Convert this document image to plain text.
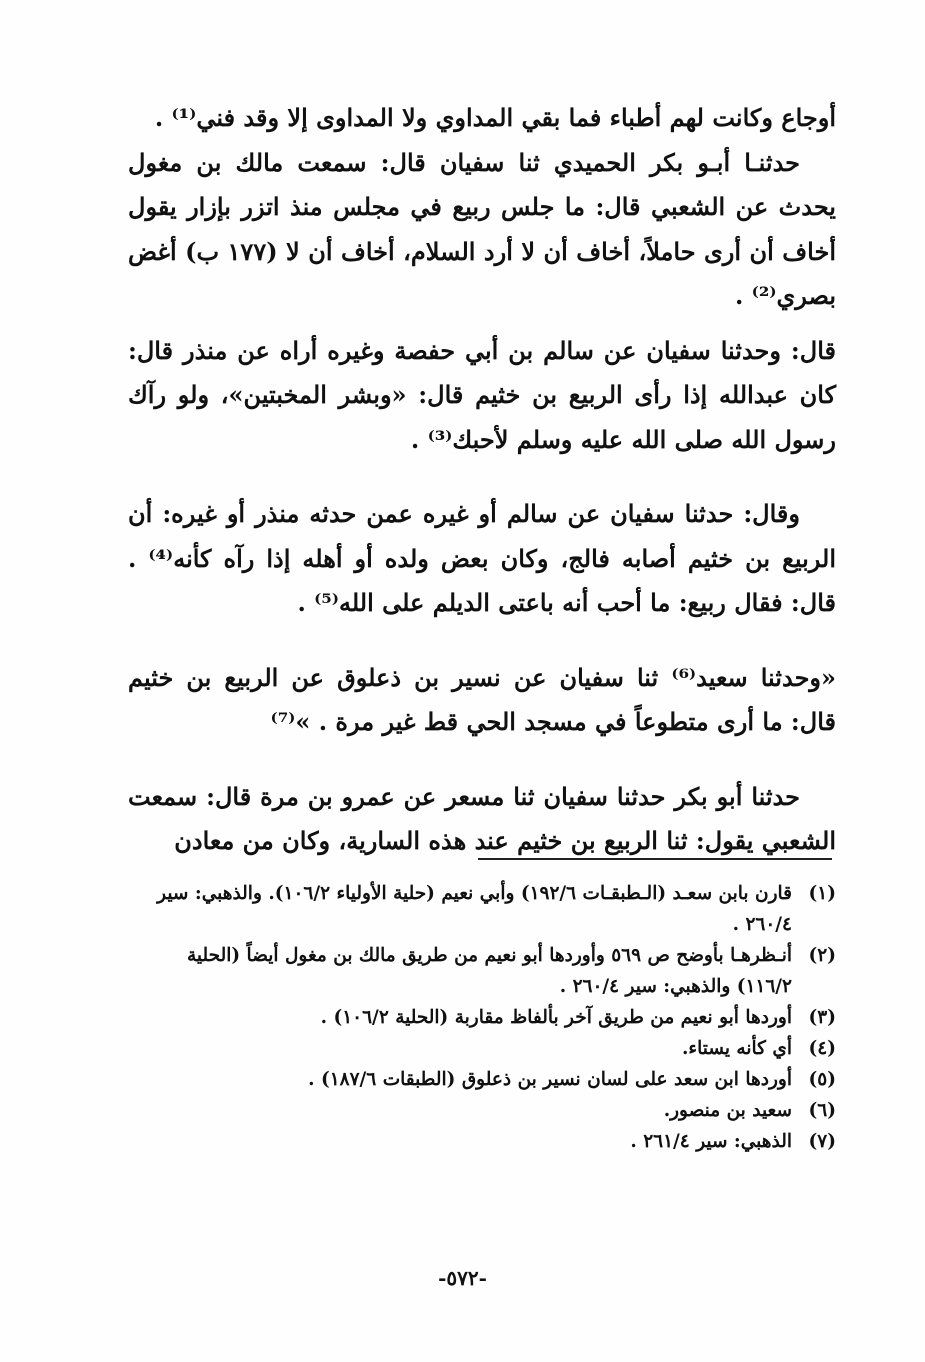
أوجاع وكانت لهم أطباء فما بقي المداوي ولا المداوى إلا وقد فني⁽¹⁾ .

حدثنـا أبـو بكر الحميدي ثنا سفيان قال: سمعت مالك بن مغول يحدث عن الشعبي قال: ما جلس ربيع في مجلس منذ اتزر بإزار يقول أخاف أن أرى حاملاً، أخاف أن لا أرد السلام، أخاف أن لا (١٧٧ ب) أغض بصري⁽²⁾ .

قال: وحدثنا سفيان عن سالم بن أبي حفصة وغيره أراه عن منذر قال: كان عبدالله إذا رأى الربيع بن خثيم قال: «وبشر المخبتين»، ولو رآك رسول الله صلى الله عليه وسلم لأحبك⁽³⁾ .

وقال: حدثنا سفيان عن سالم أو غيره عمن حدثه منذر أو غيره: أن الربيع بن خثيم أصابه فالج، وكان بعض ولده أو أهله إذا رآه كأنه⁽⁴⁾ . قال: فقال ربيع: ما أحب أنه باعتى الديلم على الله⁽⁵⁾ .

«وحدثنا سعيد⁽⁶⁾ ثنا سفيان عن نسير بن ذعلوق عن الربيع بن خثيم قال: ما أرى متطوعاً في مسجد الحي قط غير مرة . »⁽⁷⁾

حدثنا أبو بكر حدثنا سفيان ثنا مسعر عن عمرو بن مرة قال: سمعت الشعبي يقول: ثنا الربيع بن خثيم عند هذه السارية، وكان من معادن

(١)
قارن بابن سعـد (الـطبقـات ١٩٢/٦) وأبي نعيم (حلية الأولياء ١٠٦/٢). والذهبي: سير ٢٦٠/٤ .
(٢)
أنـظرهـا بأوضح ص ٥٦٩ وأوردها أبو نعيم من طريق مالك بن مغول أيضاً (الحلية ١١٦/٢) والذهبي: سير ٢٦٠/٤ .
(٣)
أوردها أبو نعيم من طريق آخر بألفاظ مقاربة (الحلية ١٠٦/٢) .
(٤)
أي كأنه يستاء.
(٥)
أوردها ابن سعد على لسان نسير بن ذعلوق (الطبقات ١٨٧/٦) .
(٦)
سعيد بن منصور.
(٧)
الذهبي: سير ٢٦١/٤ .
-٥٧٢-
